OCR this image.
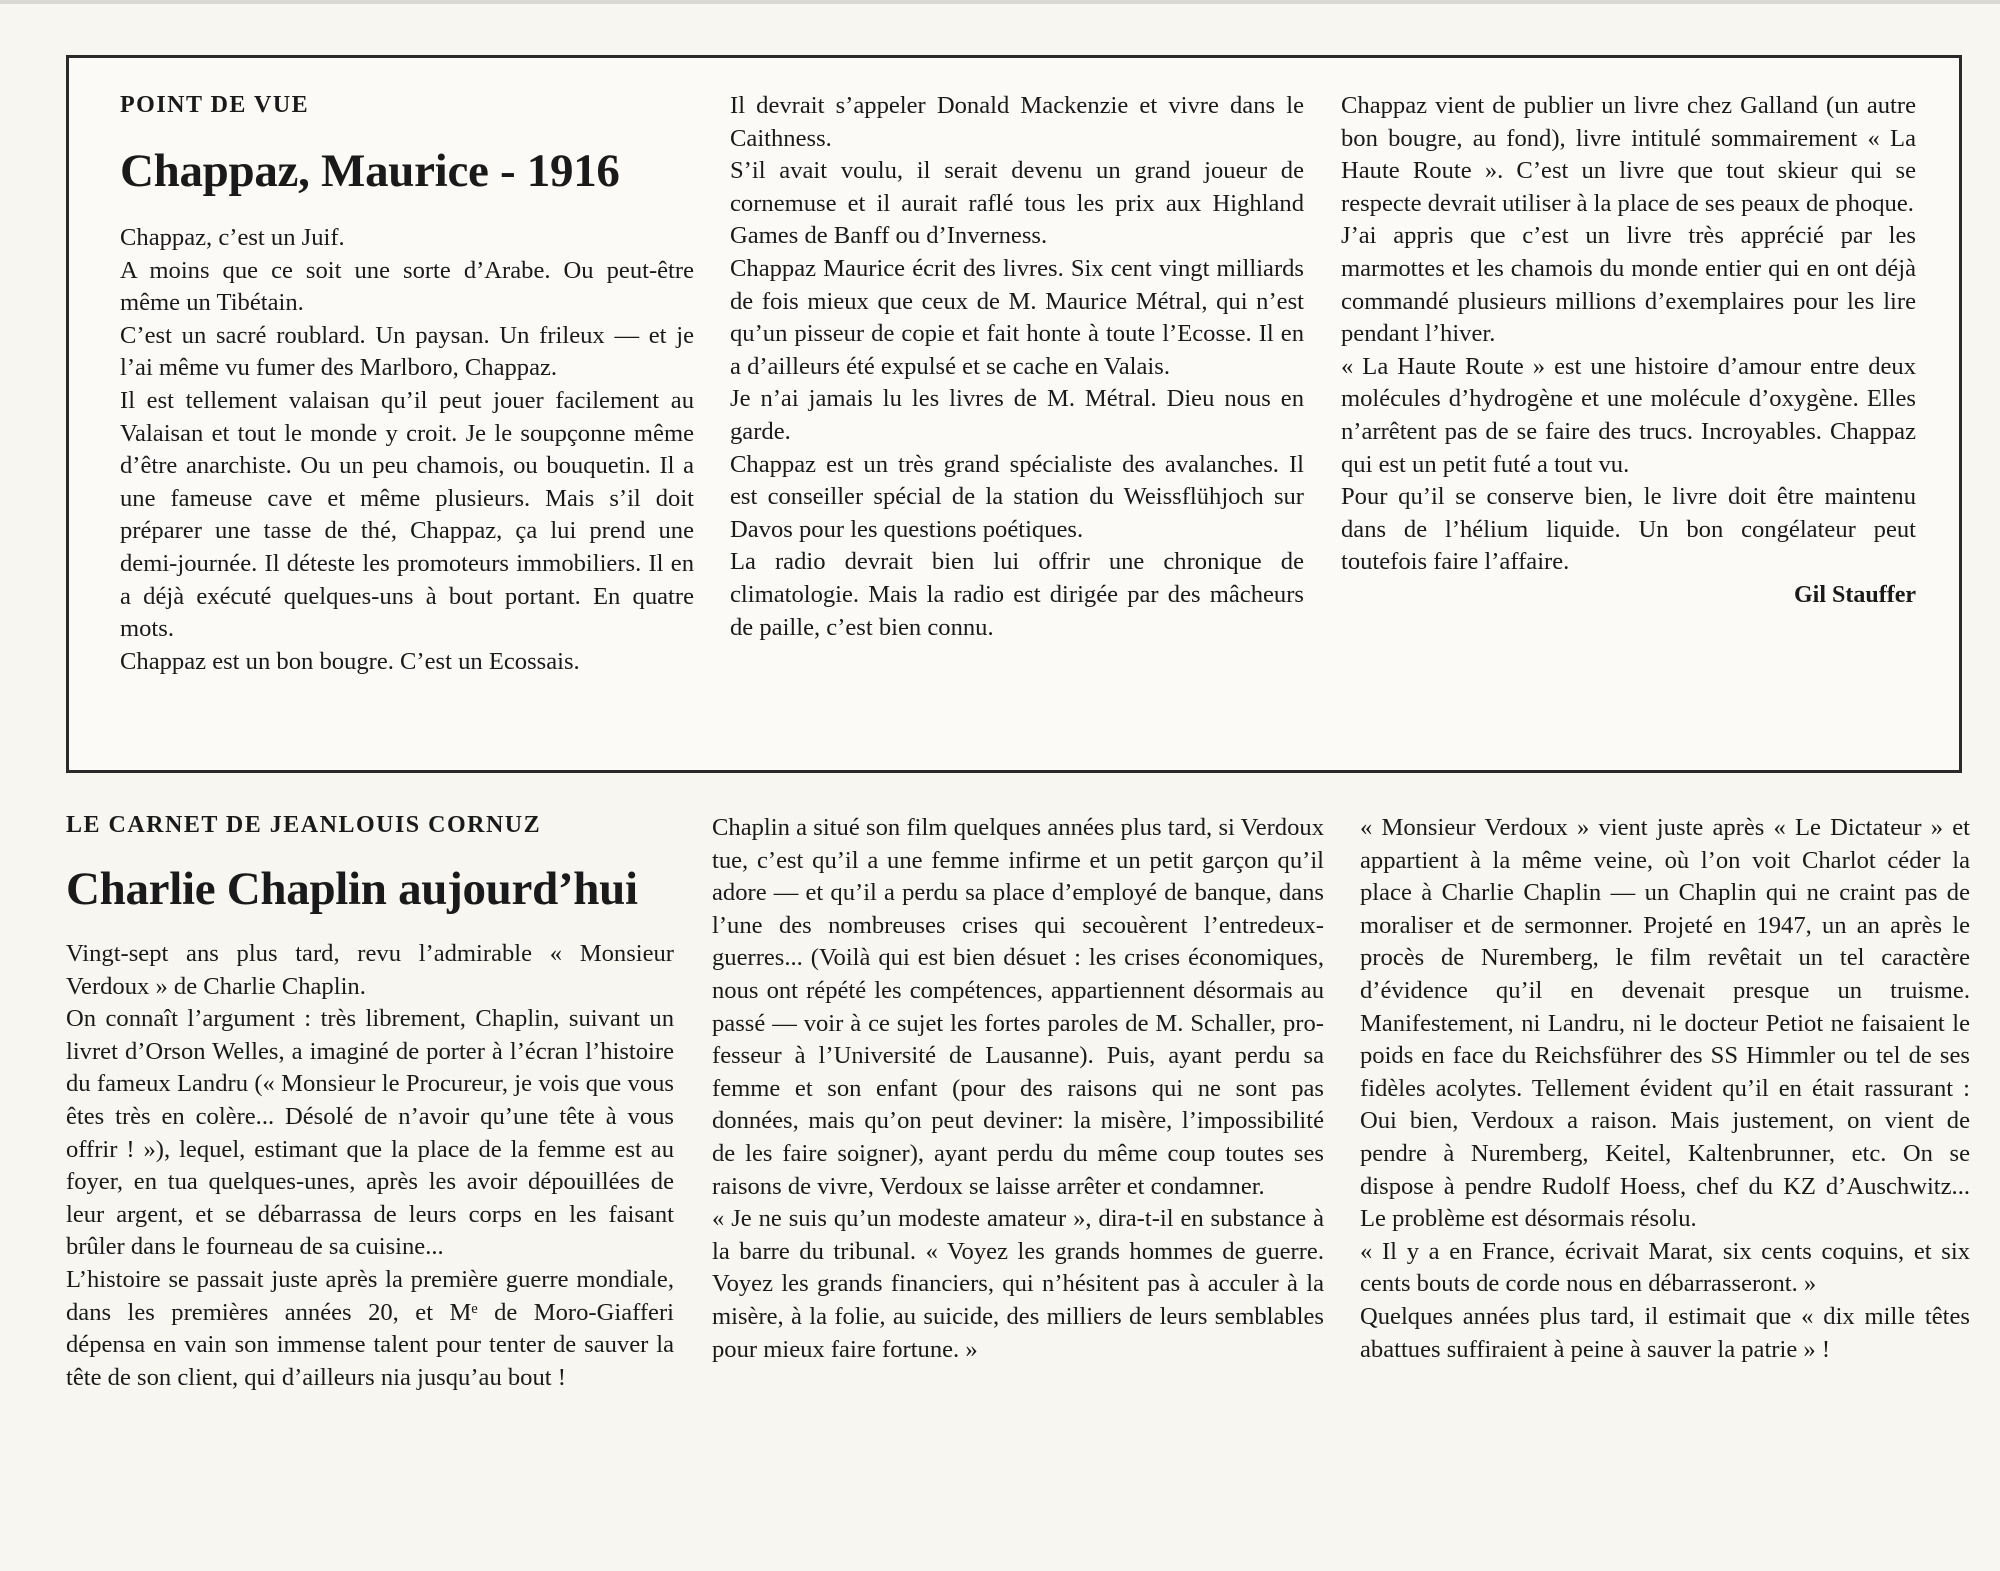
POINT DE VUE

Chappaz, Maurice - 1916

Chappaz, c’est un Juif.

A moins que ce soit une sorte d’Arabe. Ou peut-être même un Tibétain.

C’est un sacré roublard. Un paysan. Un frileux — et je l’ai même vu fumer des Marlboro, Chappaz.

Il est tellement valaisan qu’il peut jouer facilement au Valaisan et tout le monde y croit. Je le soupçonne même d’être anarchiste. Ou un peu chamois, ou bouquetin. Il a une fameuse cave et même plusieurs. Mais s’il doit préparer une tasse de thé, Chappaz, ça lui prend une demi-journée. Il déteste les promoteurs immobiliers. Il en a déjà exécuté quelques-uns à bout portant. En quatre mots.

Chappaz est un bon bougre. C’est un Ecossais.

Il devrait s’appeler Donald Mackenzie et vivre dans le Caithness.

S’il avait voulu, il serait devenu un grand joueur de cornemuse et il aurait raflé tous les prix aux Highland Games de Banff ou d’Inverness.

Chappaz Maurice écrit des livres. Six cent vingt milliards de fois mieux que ceux de M. Maurice Métral, qui n’est qu’un pisseur de copie et fait honte à toute l’Ecosse. Il en a d’ailleurs été expulsé et se cache en Valais.

Je n’ai jamais lu les livres de M. Métral. Dieu nous en garde.

Chappaz est un très grand spécialiste des avalanches. Il est conseiller spécial de la station du Weissflühjoch sur Davos pour les questions poétiques.

La radio devrait bien lui offrir une chronique de climatologie. Mais la radio est dirigée par des mâcheurs de paille, c’est bien connu.

Chappaz vient de publier un livre chez Galland (un autre bon bougre, au fond), livre intitulé sommairement « La Haute Route ». C’est un livre que tout skieur qui se respecte devrait utiliser à la place de ses peaux de phoque.

J’ai appris que c’est un livre très apprécié par les marmottes et les chamois du monde entier qui en ont déjà commandé plusieurs millions d’exemplaires pour les lire pendant l’hiver.

« La Haute Route » est une histoire d’amour entre deux molécules d’hydrogène et une molécule d’oxygène. Elles n’arrêtent pas de se faire des trucs. Incroyables. Chappaz qui est un petit futé a tout vu.

Pour qu’il se conserve bien, le livre doit être maintenu dans de l’hélium liquide. Un bon congélateur peut toutefois faire l’affaire.

Gil Stauffer

LE CARNET DE JEANLOUIS CORNUZ

Charlie Chaplin aujourd’hui

Vingt-sept ans plus tard, revu l’admirable « Monsieur Verdoux » de Charlie Chaplin.

On connaît l’argument : très librement, Chaplin, suivant un livret d’Orson Welles, a imaginé de porter à l’écran l’histoire du fameux Landru (« Monsieur le Procureur, je vois que vous êtes très en colère... Désolé de n’avoir qu’une tête à vous offrir ! »), lequel, estimant que la place de la femme est au foyer, en tua quelques-unes, après les avoir dépouillées de leur argent, et se débarrassa de leurs corps en les faisant brûler dans le fourneau de sa cuisine...

L’histoire se passait juste après la première guerre mondiale, dans les premières années 20, et Mᵉ de Moro-Giafferi dépensa en vain son immense talent pour tenter de sauver la tête de son client, qui d’ailleurs nia jusqu’au bout !

Chaplin a situé son film quelques années plus tard, si Verdoux tue, c’est qu’il a une femme infirme et un petit garçon qu’il adore — et qu’il a perdu sa place d’employé de banque, dans l’une des nombreuses crises qui secouèrent l’entredeux-guerres... (Voilà qui est bien désuet : les crises économiques, nous ont répété les compétences, appartiennent désormais au passé — voir à ce sujet les fortes paroles de M. Schaller, professeur à l’Université de Lausanne). Puis, ayant perdu sa femme et son enfant (pour des raisons qui ne sont pas données, mais qu’on peut deviner: la misère, l’impossibilité de les faire soigner), ayant perdu du même coup toutes ses raisons de vivre, Verdoux se laisse arrêter et condamner.

« Je ne suis qu’un modeste amateur », dira-t-il en substance à la barre du tribunal. « Voyez les grands hommes de guerre. Voyez les grands financiers, qui n’hésitent pas à acculer à la misère, à la folie, au suicide, des milliers de leurs semblables pour mieux faire fortune. »

« Monsieur Verdoux » vient juste après « Le Dictateur » et appartient à la même veine, où l’on voit Charlot céder la place à Charlie Chaplin — un Chaplin qui ne craint pas de moraliser et de sermonner. Projeté en 1947, un an après le procès de Nuremberg, le film revêtait un tel caractère d’évidence qu’il en devenait presque un truisme. Manifestement, ni Landru, ni le docteur Petiot ne faisaient le poids en face du Reichsführer des SS Himmler ou tel de ses fidèles acolytes. Tellement évident qu’il en était rassurant : Oui bien, Verdoux a raison. Mais justement, on vient de pendre à Nuremberg, Keitel, Kaltenbrunner, etc. On se dispose à pendre Rudolf Hoess, chef du KZ d’Auschwitz... Le problème est désormais résolu.

« Il y a en France, écrivait Marat, six cents coquins, et six cents bouts de corde nous en débarrasseront. »

Quelques années plus tard, il estimait que « dix mille têtes abattues suffiraient à peine à sauver la patrie » !
